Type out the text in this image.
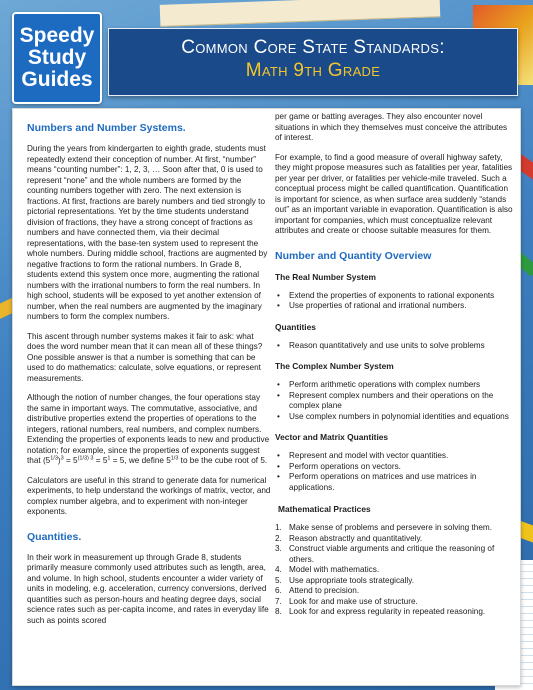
Speedy
Study
Guides
Common Core State Standards:
Math 9th Grade
Numbers and Number Systems.

During the years from kindergarten to eighth grade, students must repeatedly extend their conception of number. At first, “number” means “counting number”: 1, 2, 3, … Soon after that, 0 is used to represent “none” and the whole numbers are formed by the counting numbers together with zero. The next extension is fractions. At first, fractions are barely numbers and tied strongly to pictorial representations. Yet by the time students understand division of fractions, they have a strong concept of fractions as numbers and have connected them, via their decimal representations, with the base-ten system used to represent the whole numbers. During middle school, fractions are augmented by negative fractions to form the rational numbers. In Grade 8, students extend this system once more, augmenting the rational numbers with the irrational numbers to form the real numbers. In high school, students will be exposed to yet another extension of number, when the real numbers are augmented by the imaginary numbers to form the complex numbers.

This ascent through number systems makes it fair to ask: what does the word number mean that it can mean all of these things? One possible answer is that a number is something that can be used to do mathematics: calculate, solve equations, or represent measurements.

Although the notion of number changes, the four operations stay the same in important ways. The commutative, associative, and distributive properties extend the properties of operations to the integers, rational numbers, real numbers, and complex numbers. Extending the properties of exponents leads to new and productive notation; for example, since the properties of exponents suggest that $(5^{1/3})^3 = 5^{(1/3) 3} = 5^1 = 5$, we define $5^{1/3}$ to be the cube root of 5.

Calculators are useful in this strand to generate data for numerical experiments, to help understand the workings of matrix, vector, and complex number algebra, and to experiment with non-integer exponents.

Quantities.

In their work in measurement up through Grade 8, students primarily measure commonly used attributes such as length, area, and volume. In high school, students encounter a wider variety of units in modeling, e.g. acceleration, currency conversions, derived quantities such as person-hours and heating degree days, social science rates such as per-capita income, and rates in everyday life such as points scored

per game or batting averages. They also encounter novel situations in which they themselves must conceive the attributes of interest.

For example, to find a good measure of overall highway safety, they might propose measures such as fatalities per year, fatalities per year per driver, or fatalities per vehicle-mile traveled. Such a conceptual process might be called quantification. Quantification is important for science, as when surface area suddenly “stands out” as an important variable in evaporation. Quantification is also important for companies, which must conceptualize relevant attributes and create or choose suitable measures for them.

Number and Quantity Overview
The Real Number System
• Extend the properties of exponents to rational exponents
• Use properties of rational and irrational numbers.
Quantities
• Reason quantitatively and use units to solve problems
The Complex Number System
• Perform arithmetic operations with complex numbers
• Represent complex numbers and their operations on the complex plane
• Use complex numbers in polynomial identities and equations
Vector and Matrix Quantities
• Represent and model with vector quantities.
• Perform operations on vectors.
• Perform operations on matrices and use matrices in applications.
Mathematical Practices
1. Make sense of problems and persevere in solving them.
2. Reason abstractly and quantitatively.
3. Construct viable arguments and critique the reasoning of others.
4. Model with mathematics.
5. Use appropriate tools strategically.
6. Attend to precision.
7. Look for and make use of structure.
8. Look for and express regularity in repeated reasoning.
